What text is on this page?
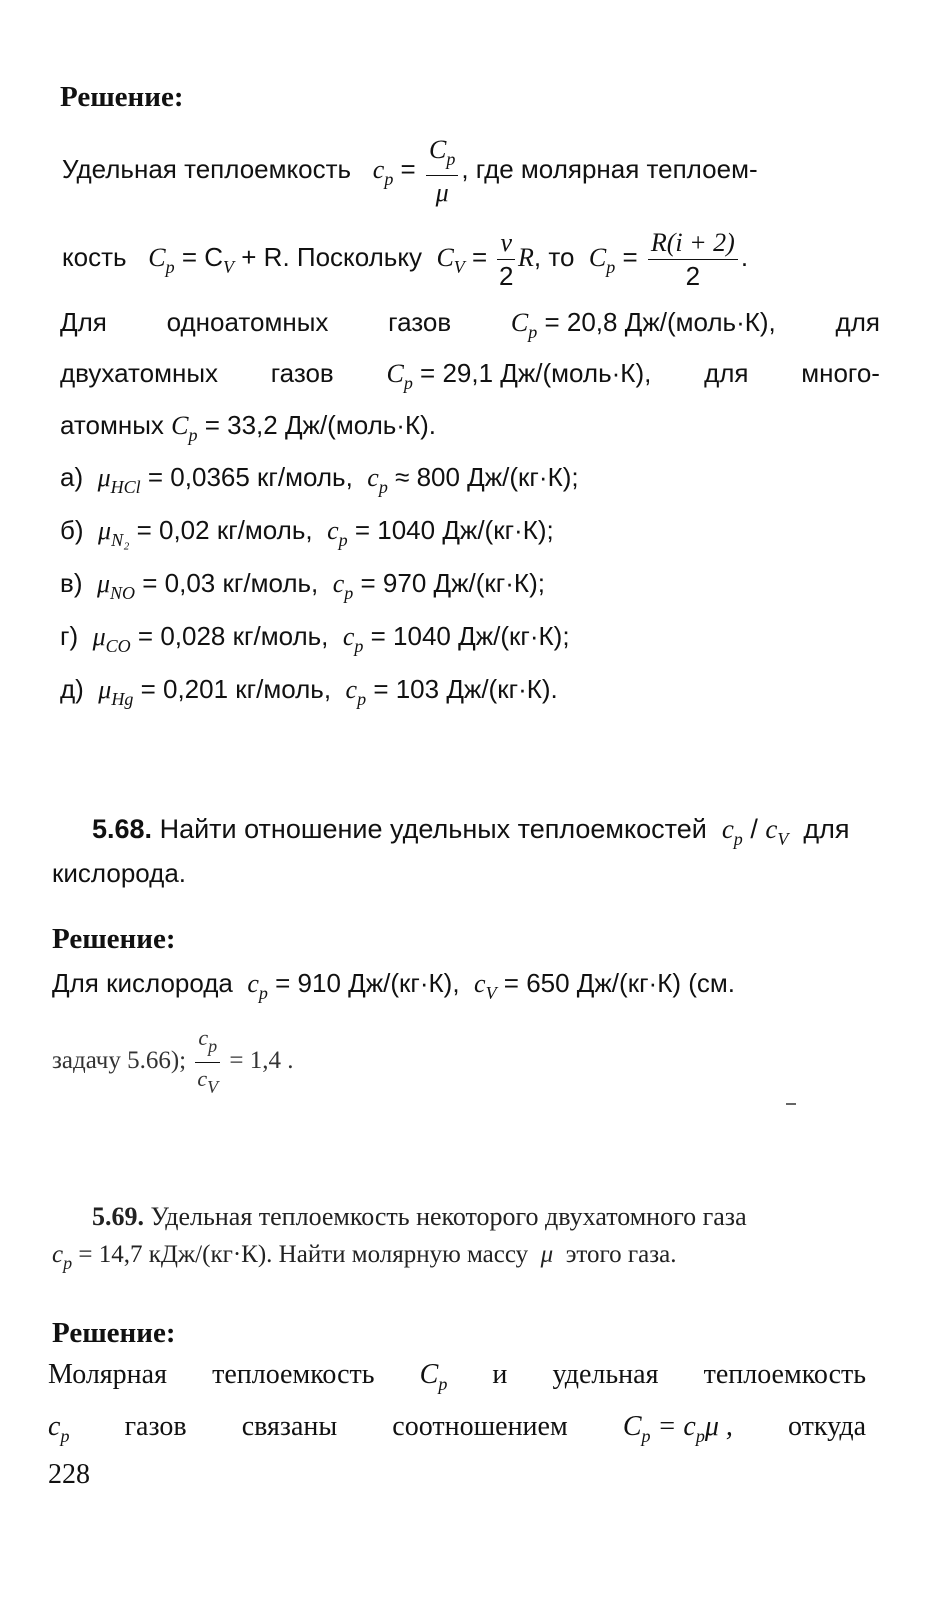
Решение:
Удельная теплоемкость $c_p = \frac{C_p}{\mu}$ , где молярная теплоем-
кость $C_p = C_V + R$. Поскольку $C_V = \frac{v}{2} R$, то $C_p = \frac{R(i + 2)}{2}$ .
Для одноатомных газов $C_p = 20,8$ Дж/(моль·К), для
двухатомных газов $C_p = 29,1$ Дж/(моль·К), для много-
атомных $C_p = 33,2$ Дж/(моль·К).
а) $\mu_{HCl} = 0,0365$ кг/моль, $c_p \approx 800$ Дж/(кг·К);
б) $\mu_{N_2} = 0,02$ кг/моль, $c_p = 1040$ Дж/(кг·К);
в) $\mu_{NO} = 0,03$ кг/моль, $c_p = 970$ Дж/(кг·К);
г) $\mu_{CO} = 0,028$ кг/моль, $c_p = 1040$ Дж/(кг·К);
д) $\mu_{Hg} = 0,201$ кг/моль, $c_p = 103$ Дж/(кг·К).
5.68. Найти отношение удельных теплоемкостей $c_p / c_V$ для
кислорода.
Решение:
Для кислорода $c_p = 910$ Дж/(кг·К), $c_V = 650$ Дж/(кг·К) (см.
задачу 5.66); $\frac{c_p}{c_V} = 1,4$ .
5.69. Удельная теплоемкость некоторого двухатомного газа
$c_p = 14,7$ кДж/(кг·К). Найти молярную массу μ этого газа.
Решение:
Молярная теплоемкость $C_p$ и удельная теплоемкость
$c_p$ газов связаны соотношением $C_p = c_p\mu$ , откуда
228
